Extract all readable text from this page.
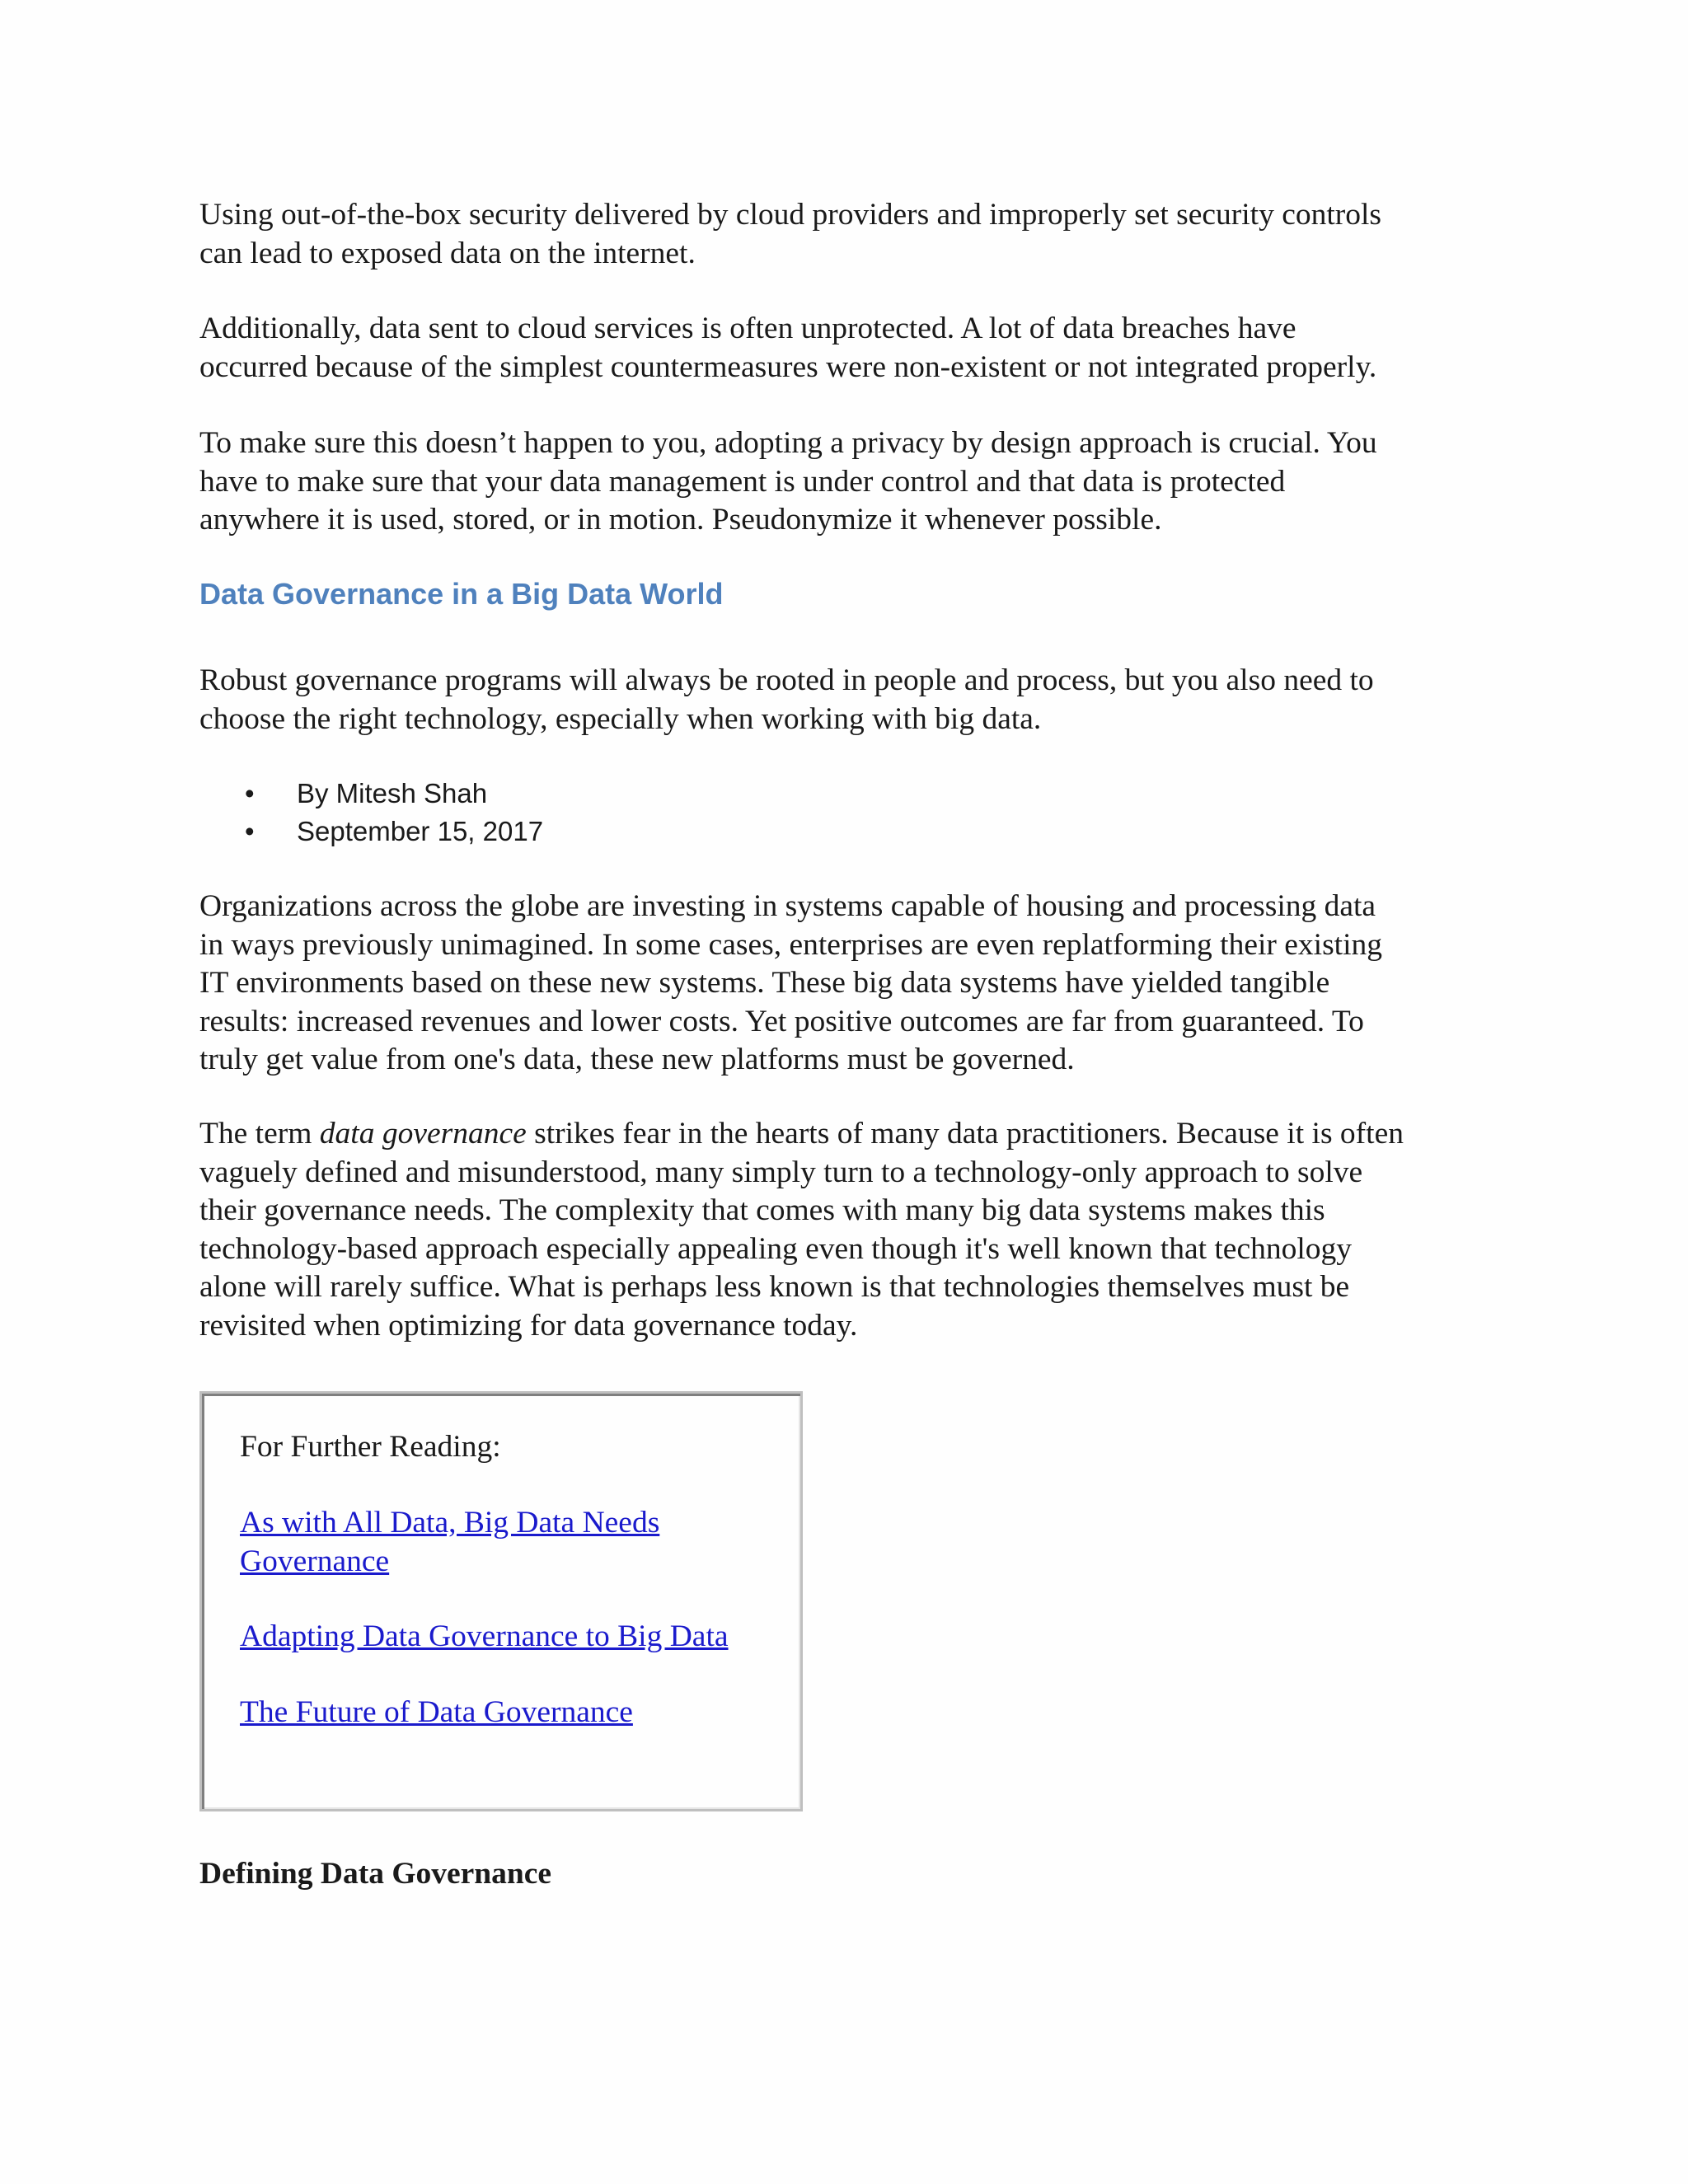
Using out-of-the-box security delivered by cloud providers and improperly set security controls
can lead to exposed data on the internet.

Additionally, data sent to cloud services is often unprotected. A lot of data breaches have
occurred because of the simplest countermeasures were non-existent or not integrated properly.

To make sure this doesn’t happen to you, adopting a privacy by design approach is crucial. You
have to make sure that your data management is under control and that data is protected
anywhere it is used, stored, or in motion. Pseudonymize it whenever possible.

Data Governance in a Big Data World

Robust governance programs will always be rooted in people and process, but you also need to
choose the right technology, especially when working with big data.

• By Mitesh Shah
• September 15, 2017

Organizations across the globe are investing in systems capable of housing and processing data
in ways previously unimagined. In some cases, enterprises are even replatforming their existing
IT environments based on these new systems. These big data systems have yielded tangible
results: increased revenues and lower costs. Yet positive outcomes are far from guaranteed. To
truly get value from one's data, these new platforms must be governed.

The term data governance strikes fear in the hearts of many data practitioners. Because it is often
vaguely defined and misunderstood, many simply turn to a technology-only approach to solve
their governance needs. The complexity that comes with many big data systems makes this
technology-based approach especially appealing even though it's well known that technology
alone will rarely suffice. What is perhaps less known is that technologies themselves must be
revisited when optimizing for data governance today.

For Further Reading:

As with All Data, Big Data Needs
Governance
Adapting Data Governance to Big Data
The Future of Data Governance
Defining Data Governance
